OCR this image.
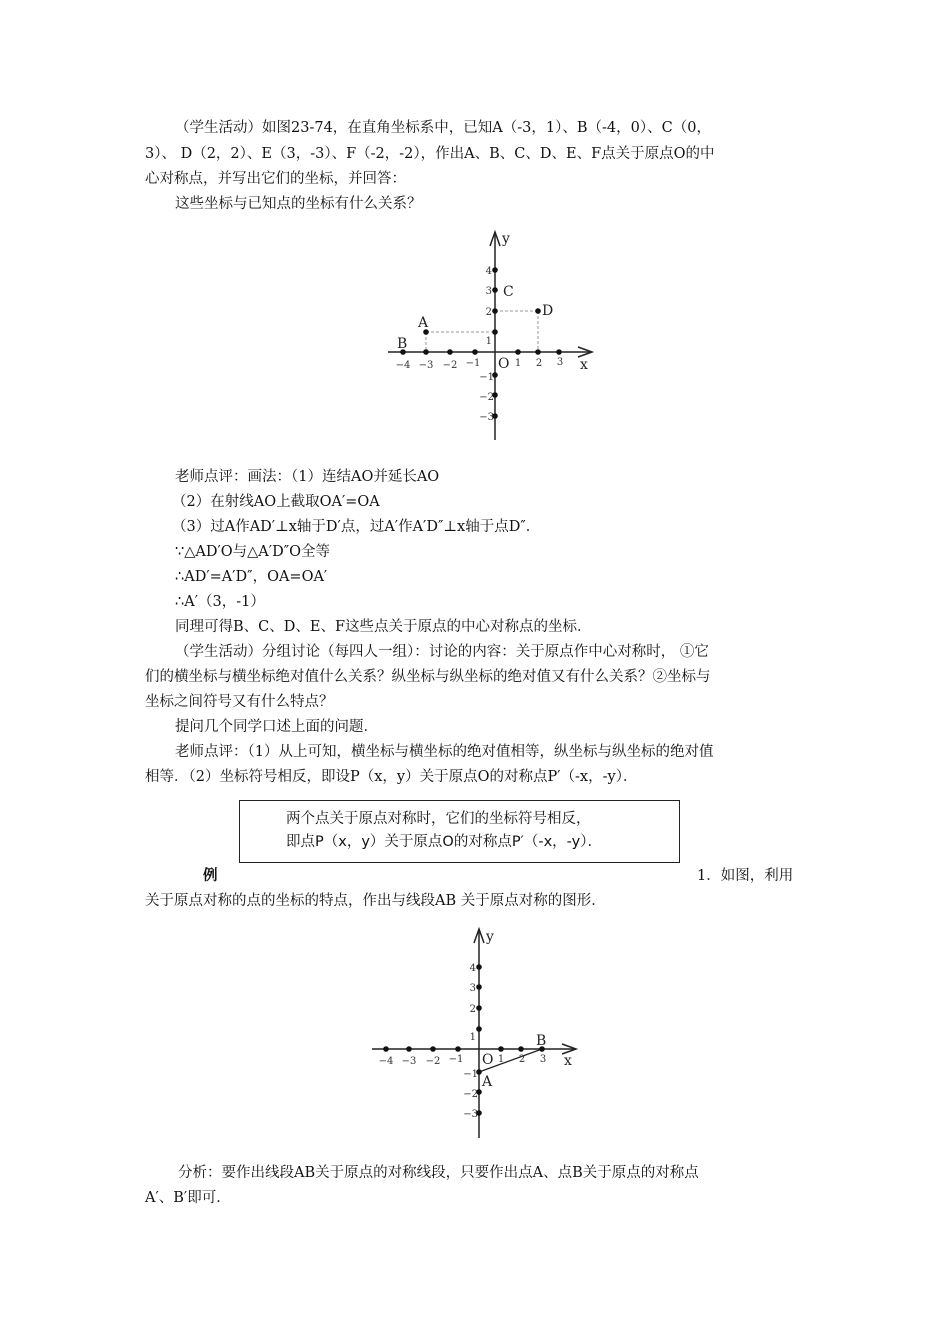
（学生活动）如图23-74，在直角坐标系中，已知A（-3，1）、B（-4，0）、C（0，
3）、 D（2，2）、E（3，-3）、F（-2，-2），作出A、B、C、D、E、F点关于原点O的中
心对称点，并写出它们的坐标，并回答：
这些坐标与已知点的坐标有什么关系？
−4 −3 −2 −1	1 2 3
4
3
2
1
−1
−2
−3
O	x
y
A
B
C
D
老师点评：画法：（1）连结AO并延长AO
（2）在射线AO上截取OA′=OA
（3）过A作AD′⊥x轴于D′点，过A′作A′D″⊥x轴于点D″．
∵△AD′O与△A′D″O全等
∴AD′=A′D″，OA=OA′
∴A′（3，-1）
同理可得B、C、D、E、F这些点关于原点的中心对称点的坐标．
（学生活动）分组讨论（每四人一组）：讨论的内容：关于原点作中心对称时， ①它
们的横坐标与横坐标绝对值什么关系？纵坐标与纵坐标的绝对值又有什么关系？②坐标与
坐标之间符号又有什么特点？
提问几个同学口述上面的问题．
老师点评：（1）从上可知，横坐标与横坐标的绝对值相等，纵坐标与纵坐标的绝对值
相等．（2）坐标符号相反，即设P（x，y）关于原点O的对称点P′（-x，-y）．
两个点关于原点对称时，它们的坐标符号相反，
即点P（x，y）关于原点O的对称点P′（-x，-y）．
例	1．如图，利用
关于原点对称的点的坐标的特点，作出与线段AB 关于原点对称的图形．
−4 −3 −2 −1	1 2 3
4
3
2
1
−1
−2
−3
O	x
y
A
B
分析：要作出线段AB关于原点的对称线段，只要作出点A、点B关于原点的对称点
A′、B′即可．
